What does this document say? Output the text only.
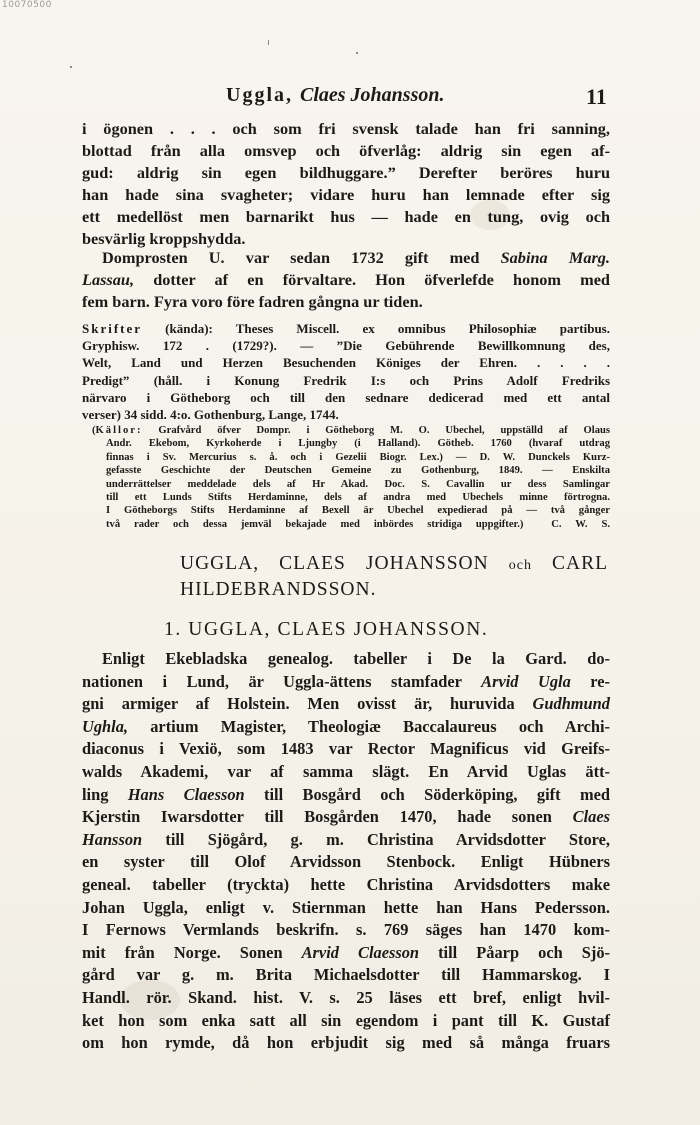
10070500
Uggla, Claes Johansson.	11
i ögonen . . . och som fri svensk talade han fri sanning,
blottad från alla omsvep och öfverlåg: aldrig sin egen af-
gud: aldrig sin egen bildhuggare.” Derefter beröres huru
han hade sina svagheter; vidare huru han lemnade efter sig
ett medellöst men barnarikt hus — hade en tung, ovig och
besvärlig kroppshydda.
Domprosten U. var sedan 1732 gift med Sabina Marg.
Lassau, dotter af en förvaltare. Hon öfverlefde honom med
fem barn. Fyra voro före fadren gångna ur tiden.
Skrifter (kända): Theses Miscell. ex omnibus Philosophiæ partibus.
Gryphisw. 172 . (1729?). — ”Die Gebührende Bewillkomnung des,
Welt, Land und Herzen Besuchenden Königes der Ehren. . . . .
Predigt” (håll. i Konung Fredrik I:s och Prins Adolf Fredriks
närvaro i Götheborg och till den sednare dedicerad med ett antal
verser) 34 sidd. 4:o. Gothenburg, Lange, 1744.
(Källor: Grafvård öfver Dompr. i Götheborg M. O. Ubechel, uppställd af Olaus
Andr. Ekebom, Kyrkoherde i Ljungby (i Halland). Götheb. 1760 (hvaraf utdrag
finnas i Sv. Mercurius s. å. och i Gezelii Biogr. Lex.) — D. W. Dunckels Kurz-
gefasste Geschichte der Deutschen Gemeine zu Gothenburg, 1849. — Enskilta
underrättelser meddelade dels af Hr Akad. Doc. S. Cavallin ur dess Samlingar
till ett Lunds Stifts Herdaminne, dels af andra med Ubechels minne förtrogna.
I Götheborgs Stifts Herdaminne af Bexell är Ubechel expedierad på — två gånger
två rader och dessa jemväl bekajade med inbördes stridiga uppgifter.)	C. W. S.
UGGLA, CLAES JOHANSSON och CARL
HILDEBRANDSSON.
1. UGGLA, CLAES JOHANSSON.
Enligt Ekebladska genealog. tabeller i De la Gard. do-
nationen i Lund, är Uggla-ättens stamfader Arvid Ugla re-
gni armiger af Holstein. Men ovisst är, huruvida Gudhmund
Ughla, artium Magister, Theologiæ Baccalaureus och Archi-
diaconus i Vexiö, som 1483 var Rector Magnificus vid Greifs-
walds Akademi, var af samma slägt. En Arvid Uglas ätt-
ling Hans Claesson till Bosgård och Söderköping, gift med
Kjerstin Iwarsdotter till Bosgården 1470, hade sonen Claes
Hansson till Sjögård, g. m. Christina Arvidsdotter Store,
en syster till Olof Arvidsson Stenbock. Enligt Hübners
geneal. tabeller (tryckta) hette Christina Arvidsdotters make
Johan Uggla, enligt v. Stiernman hette han Hans Pedersson.
I Fernows Vermlands beskrifn. s. 769 säges han 1470 kom-
mit från Norge. Sonen Arvid Claesson till Påarp och Sjö-
gård var g. m. Brita Michaelsdotter till Hammarskog. I
Handl. rör. Skand. hist. V. s. 25 läses ett bref, enligt hvil-
ket hon som enka satt all sin egendom i pant till K. Gustaf
om hon rymde, då hon erbjudit sig med så många fruars
